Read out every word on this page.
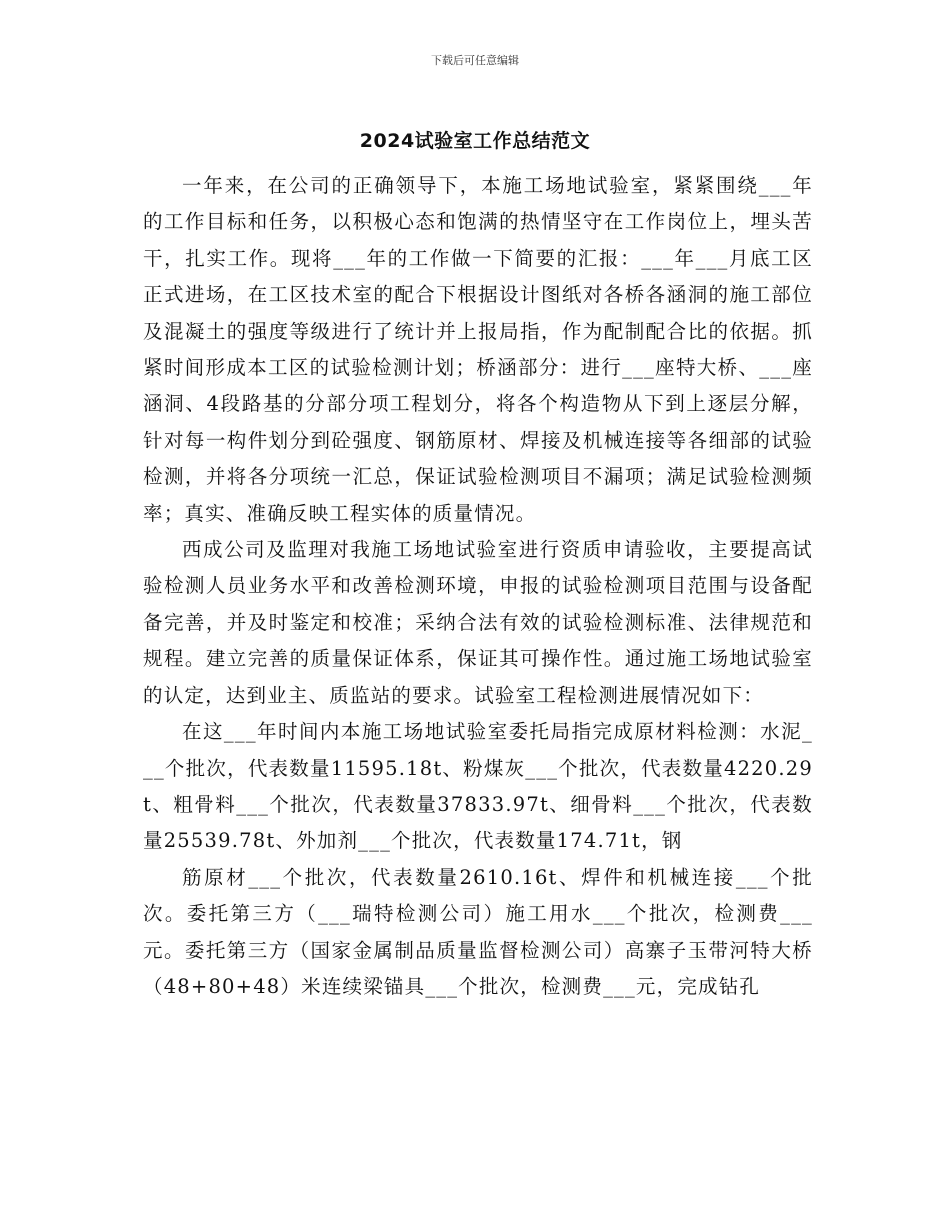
下载后可任意编辑
2024试验室工作总结范文

一年来，在公司的正确领导下，本施工场地试验室，紧紧围绕___年的工作目标和任务，以积极心态和饱满的热情坚守在工作岗位上，埋头苦干，扎实工作。现将___年的工作做一下简要的汇报：___年___月底工区正式进场，在工区技术室的配合下根据设计图纸对各桥各涵洞的施工部位及混凝土的强度等级进行了统计并上报局指，作为配制配合比的依据。抓紧时间形成本工区的试验检测计划；桥涵部分：进行___座特大桥、___座涵洞、4段路基的分部分项工程划分，将各个构造物从下到上逐层分解，针对每一构件划分到砼强度、钢筋原材、焊接及机械连接等各细部的试验检测，并将各分项统一汇总，保证试验检测项目不漏项；满足试验检测频率；真实、准确反映工程实体的质量情况。

西成公司及监理对我施工场地试验室进行资质申请验收，主要提高试验检测人员业务水平和改善检测环境，申报的试验检测项目范围与设备配备完善，并及时鉴定和校准；采纳合法有效的试验检测标准、法律规范和规程。建立完善的质量保证体系，保证其可操作性。通过施工场地试验室的认定，达到业主、质监站的要求。试验室工程检测进展情况如下：

在这___年时间内本施工场地试验室委托局指完成原材料检测：水泥___个批次，代表数量11595.18t、粉煤灰___个批次，代表数量4220.29t、粗骨料___个批次，代表数量37833.97t、细骨料___个批次，代表数量25539.78t、外加剂___个批次，代表数量174.71t，钢

筋原材___个批次，代表数量2610.16t、焊件和机械连接___个批次。委托第三方（___瑞特检测公司）施工用水___个批次，检测费___元。委托第三方（国家金属制品质量监督检测公司）高寨子玉带河特大桥（48+80+48）米连续梁锚具___个批次，检测费___元，完成钻孔
